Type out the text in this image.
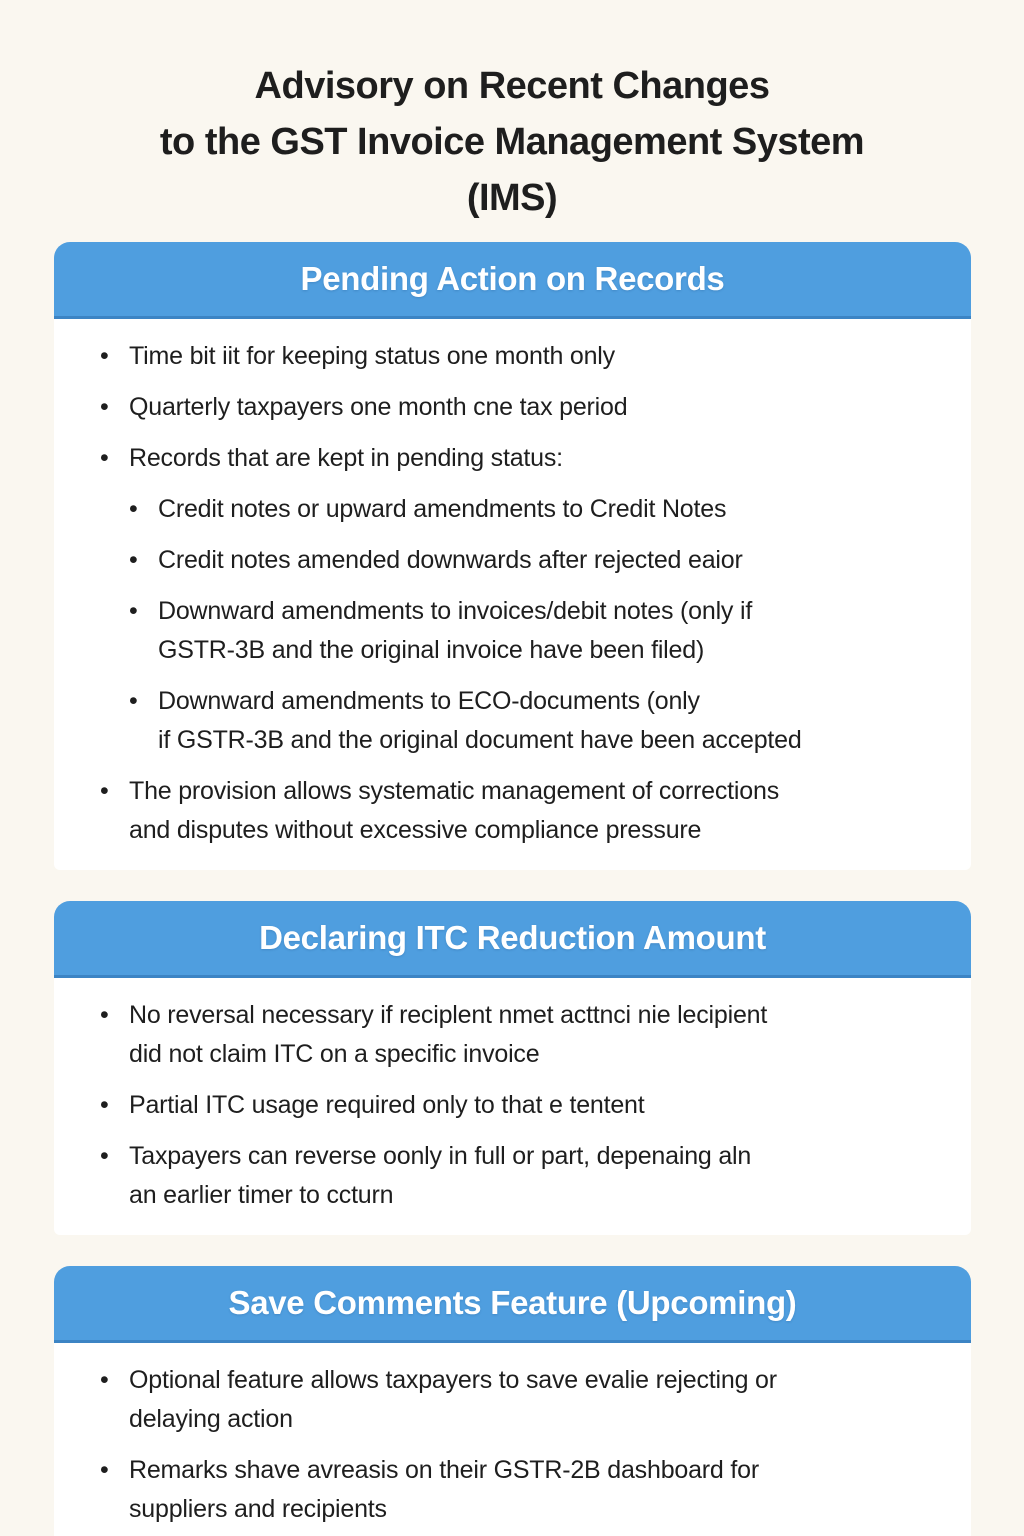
Advisory on Recent Changes
to the GST Invoice Management System
(IMS)
Pending Action on Records
• Time bit iit for keeping status one month only
• Quarterly taxpayers one month cne tax period
• Records that are kept in pending status:
• Credit notes or upward amendments to Credit Notes
• Credit notes amended downwards after rejected eaior
• Downward amendments to invoices/debit notes (only if
GSTR-3B and the original invoice have been filed)
• Downward amendments to ECO-documents (only
if GSTR-3B and the original document have been accepted
• The provision allows systematic management of corrections
and disputes without excessive compliance pressure
Declaring ITC Reduction Amount
• No reversal necessary if reciplent nmet acttnci nie lecipient
did not claim ITC on a specific invoice
• Partial ITC usage required only to that e tentent
• Taxpayers can reverse oonly in full or part, depenaing aln
an earlier timer to ccturn
Save Comments Feature (Upcoming)
• Optional feature allows taxpayers to save evalie rejecting or
delaying action
• Remarks shave avreasis on their GSTR-2B dashboard for
suppliers and recipients
